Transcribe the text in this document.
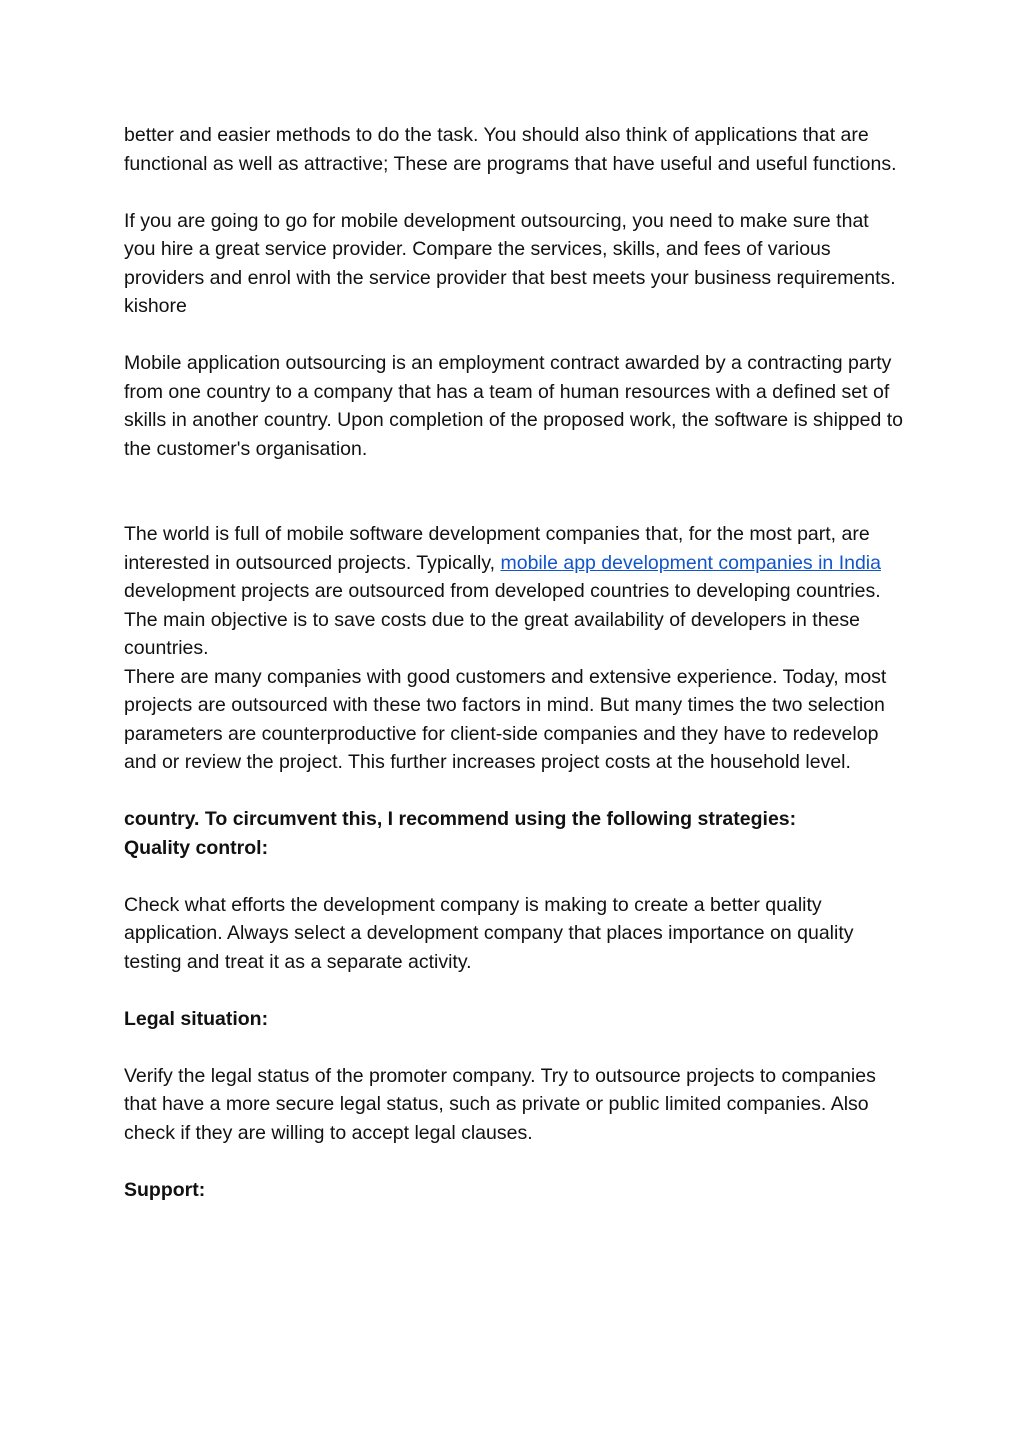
better and easier methods to do the task. You should also think of applications that are functional as well as attractive; These are programs that have useful and useful functions.

If you are going to go for mobile development outsourcing, you need to make sure that you hire a great service provider. Compare the services, skills, and fees of various providers and enrol with the service provider that best meets your business requirements. kishore

Mobile application outsourcing is an employment contract awarded by a contracting party from one country to a company that has a team of human resources with a defined set of skills in another country. Upon completion of the proposed work, the software is shipped to the customer's organisation.

The world is full of mobile software development companies that, for the most part, are interested in outsourced projects. Typically, mobile app development companies in India development projects are outsourced from developed countries to developing countries. The main objective is to save costs due to the great availability of developers in these countries.

There are many companies with good customers and extensive experience. Today, most projects are outsourced with these two factors in mind. But many times the two selection parameters are counterproductive for client-side companies and they have to redevelop and or review the project. This further increases project costs at the household level.

country. To circumvent this, I recommend using the following strategies:

Quality control:

Check what efforts the development company is making to create a better quality application. Always select a development company that places importance on quality testing and treat it as a separate activity.

Legal situation:

Verify the legal status of the promoter company. Try to outsource projects to companies that have a more secure legal status, such as private or public limited companies. Also check if they are willing to accept legal clauses.

Support:
